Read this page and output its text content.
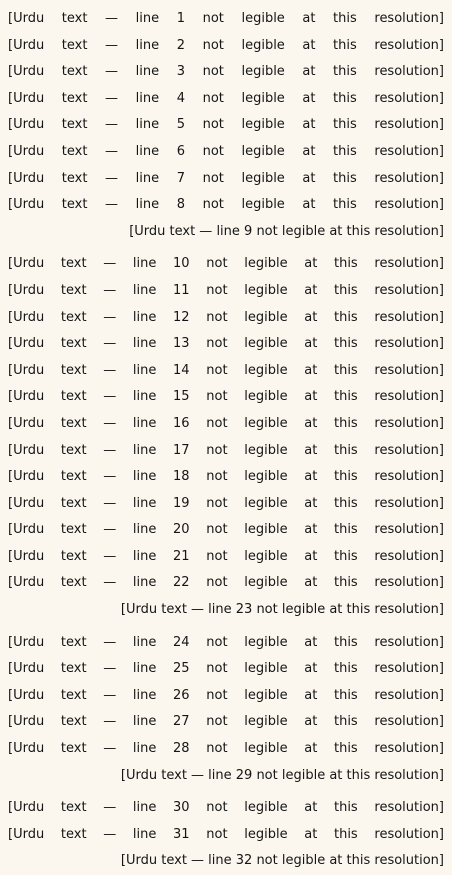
[Urdu text — line 1 not legible at this resolution]
[Urdu text — line 2 not legible at this resolution]
[Urdu text — line 3 not legible at this resolution]
[Urdu text — line 4 not legible at this resolution]
[Urdu text — line 5 not legible at this resolution]
[Urdu text — line 6 not legible at this resolution]
[Urdu text — line 7 not legible at this resolution]
[Urdu text — line 8 not legible at this resolution]
[Urdu text — line 9 not legible at this resolution]
[Urdu text — line 10 not legible at this resolution]
[Urdu text — line 11 not legible at this resolution]
[Urdu text — line 12 not legible at this resolution]
[Urdu text — line 13 not legible at this resolution]
[Urdu text — line 14 not legible at this resolution]
[Urdu text — line 15 not legible at this resolution]
[Urdu text — line 16 not legible at this resolution]
[Urdu text — line 17 not legible at this resolution]
[Urdu text — line 18 not legible at this resolution]
[Urdu text — line 19 not legible at this resolution]
[Urdu text — line 20 not legible at this resolution]
[Urdu text — line 21 not legible at this resolution]
[Urdu text — line 22 not legible at this resolution]
[Urdu text — line 23 not legible at this resolution]
[Urdu text — line 24 not legible at this resolution]
[Urdu text — line 25 not legible at this resolution]
[Urdu text — line 26 not legible at this resolution]
[Urdu text — line 27 not legible at this resolution]
[Urdu text — line 28 not legible at this resolution]
[Urdu text — line 29 not legible at this resolution]
[Urdu text — line 30 not legible at this resolution]
[Urdu text — line 31 not legible at this resolution]
[Urdu text — line 32 not legible at this resolution]
